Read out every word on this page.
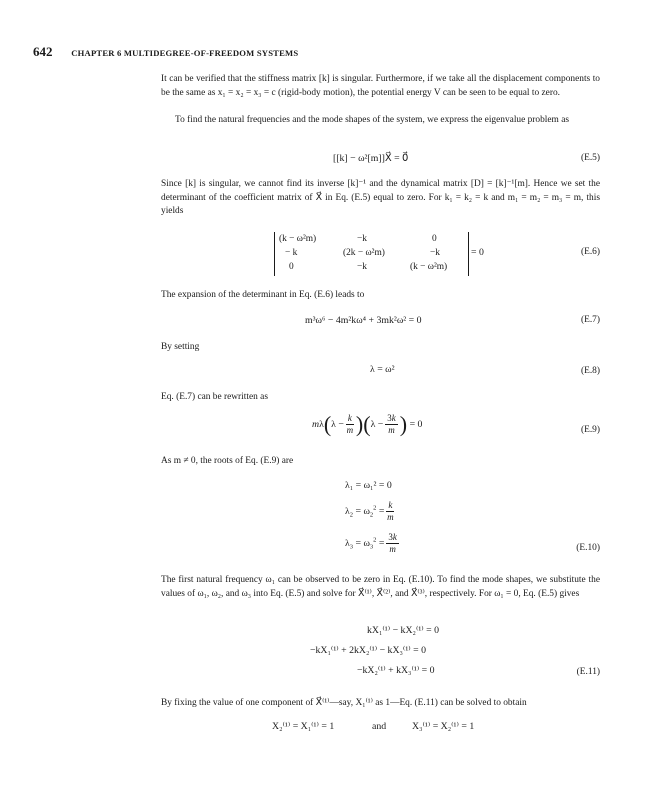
642 CHAPTER 6 MULTIDEGREE-OF-FREEDOM SYSTEMS
It can be verified that the stiffness matrix [k] is singular. Furthermore, if we take all the displacement components to be the same as x₁ = x₂ = x₃ = c (rigid-body motion), the potential energy V can be seen to be equal to zero.
To find the natural frequencies and the mode shapes of the system, we express the eigenvalue problem as
[[k] − ω²[m]]X⃗ = 0⃗	(E.5)
Since [k] is singular, we cannot find its inverse [k]⁻¹ and the dynamical matrix [D] = [k]⁻¹[m]. Hence we set the determinant of the coefficient matrix of X⃗ in Eq. (E.5) equal to zero. For k₁ = k₂ = k and m₁ = m₂ = m₃ = m, this yields
(k − ω²m)	−k	0
− k	(2k − ω²m)	−k
0	−k	(k − ω²m)
= 0	(E.6)
The expansion of the determinant in Eq. (E.6) leads to
m³ω⁶ − 4m²kω⁴ + 3mk²ω² = 0	(E.7)
By setting
λ = ω²	(E.8)
Eq. (E.7) can be rewritten as
$m\lambda(\lambda - \frac{k}{m} )(\lambda - \frac{3k}{m}$ ) = 0
(E.9)
As m ≠ 0, the roots of Eq. (E.9) are
λ₁ = ω₁² = 0
$\lambda_2 = \omega_2^2 = \frac{k}{m}$
$\lambda_3 = \omega_3^2 = \frac{3k}{m}$	(E.10)
The first natural frequency ω₁ can be observed to be zero in Eq. (E.10). To find the mode shapes, we substitute the values of ω₁, ω₂, and ω₃ into Eq. (E.5) and solve for X⃗⁽¹⁾, X⃗⁽²⁾, and X⃗⁽³⁾, respectively. For ω₁ = 0, Eq. (E.5) gives
kX₁⁽¹⁾ − kX₂⁽¹⁾ = 0
−kX₁⁽¹⁾ + 2kX₂⁽¹⁾ − kX₃⁽¹⁾ = 0
−kX₂⁽¹⁾ + kX₃⁽¹⁾ = 0	(E.11)
By fixing the value of one component of X⃗⁽¹⁾—say, X₁⁽¹⁾ as 1—Eq. (E.11) can be solved to obtain
X₂⁽¹⁾ = X₁⁽¹⁾ = 1	and	X₃⁽¹⁾ = X₂⁽¹⁾ = 1
